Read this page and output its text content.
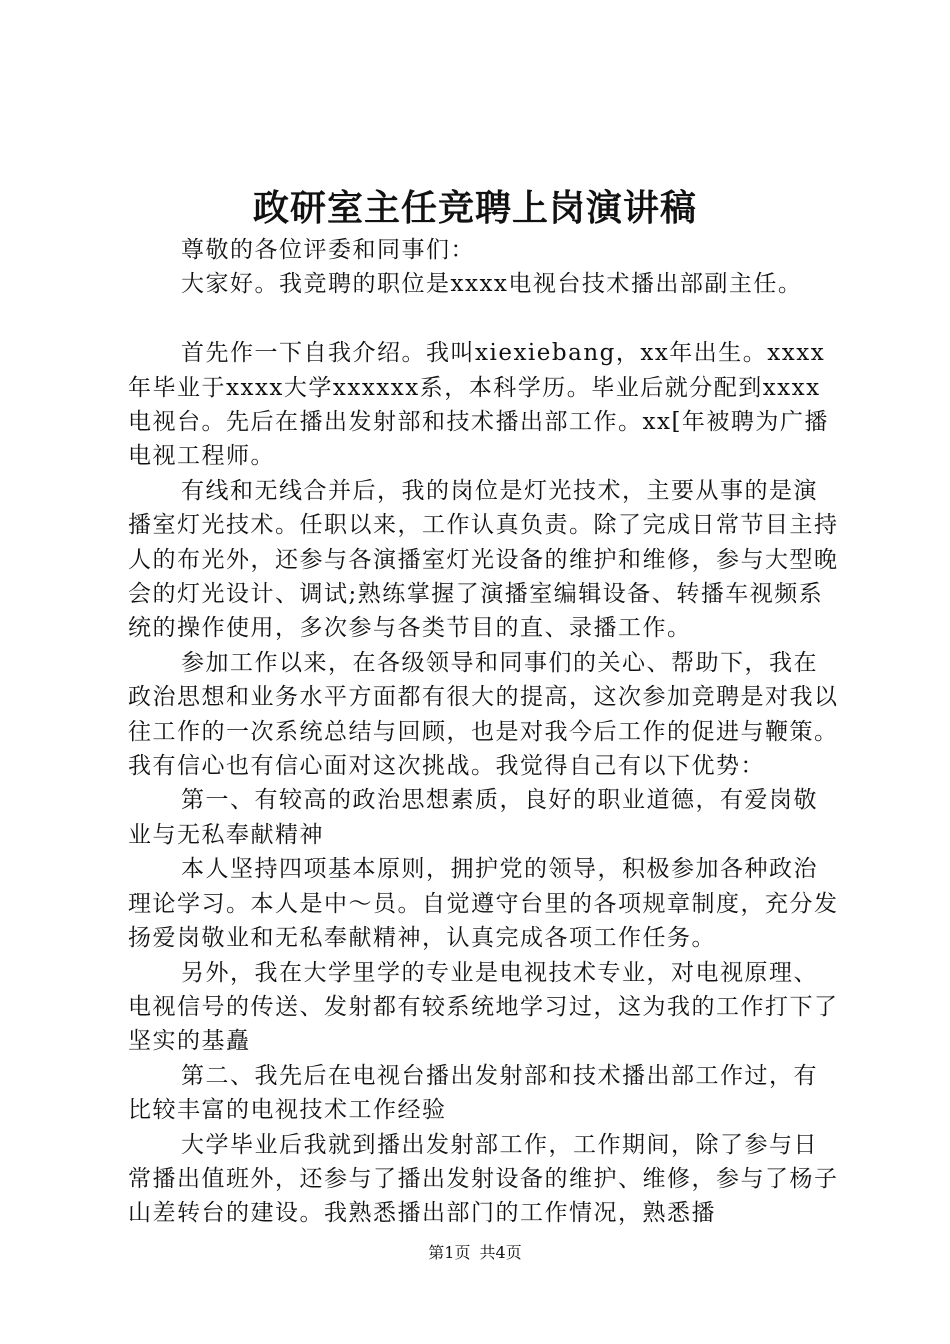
政研室主任竞聘上岗演讲稿

尊敬的各位评委和同事们：

大家好。我竞聘的职位是xxxx电视台技术播出部副主任。

首先作一下自我介绍。我叫xiexiebang，xx年出生。xxxx年毕业于xxxx大学xxxxxx系，本科学历。毕业后就分配到xxxx电视台。先后在播出发射部和技术播出部工作。xx[年被聘为广播电视工程师。

有线和无线合并后，我的岗位是灯光技术，主要从事的是演播室灯光技术。任职以来，工作认真负责。除了完成日常节目主持人的布光外，还参与各演播室灯光设备的维护和维修，参与大型晚会的灯光设计、调试;熟练掌握了演播室编辑设备、转播车视频系统的操作使用，多次参与各类节目的直、录播工作。

参加工作以来，在各级领导和同事们的关心、帮助下，我在政治思想和业务水平方面都有很大的提高，这次参加竞聘是对我以往工作的一次系统总结与回顾，也是对我今后工作的促进与鞭策。我有信心也有信心面对这次挑战。我觉得自己有以下优势：

第一、有较高的政治思想素质，良好的职业道德，有爱岗敬业与无私奉献精神

本人坚持四项基本原则，拥护党的领导，积极参加各种政治理论学习。本人是中～员。自觉遵守台里的各项规章制度，充分发扬爱岗敬业和无私奉献精神，认真完成各项工作任务。

另外，我在大学里学的专业是电视技术专业，对电视原理、电视信号的传送、发射都有较系统地学习过，这为我的工作打下了坚实的基矗

第二、我先后在电视台播出发射部和技术播出部工作过，有比较丰富的电视技术工作经验

大学毕业后我就到播出发射部工作，工作期间，除了参与日常播出值班外，还参与了播出发射设备的维护、维修，参与了杨子山差转台的建设。我熟悉播出部门的工作情况，熟悉播

第1页 共4页
